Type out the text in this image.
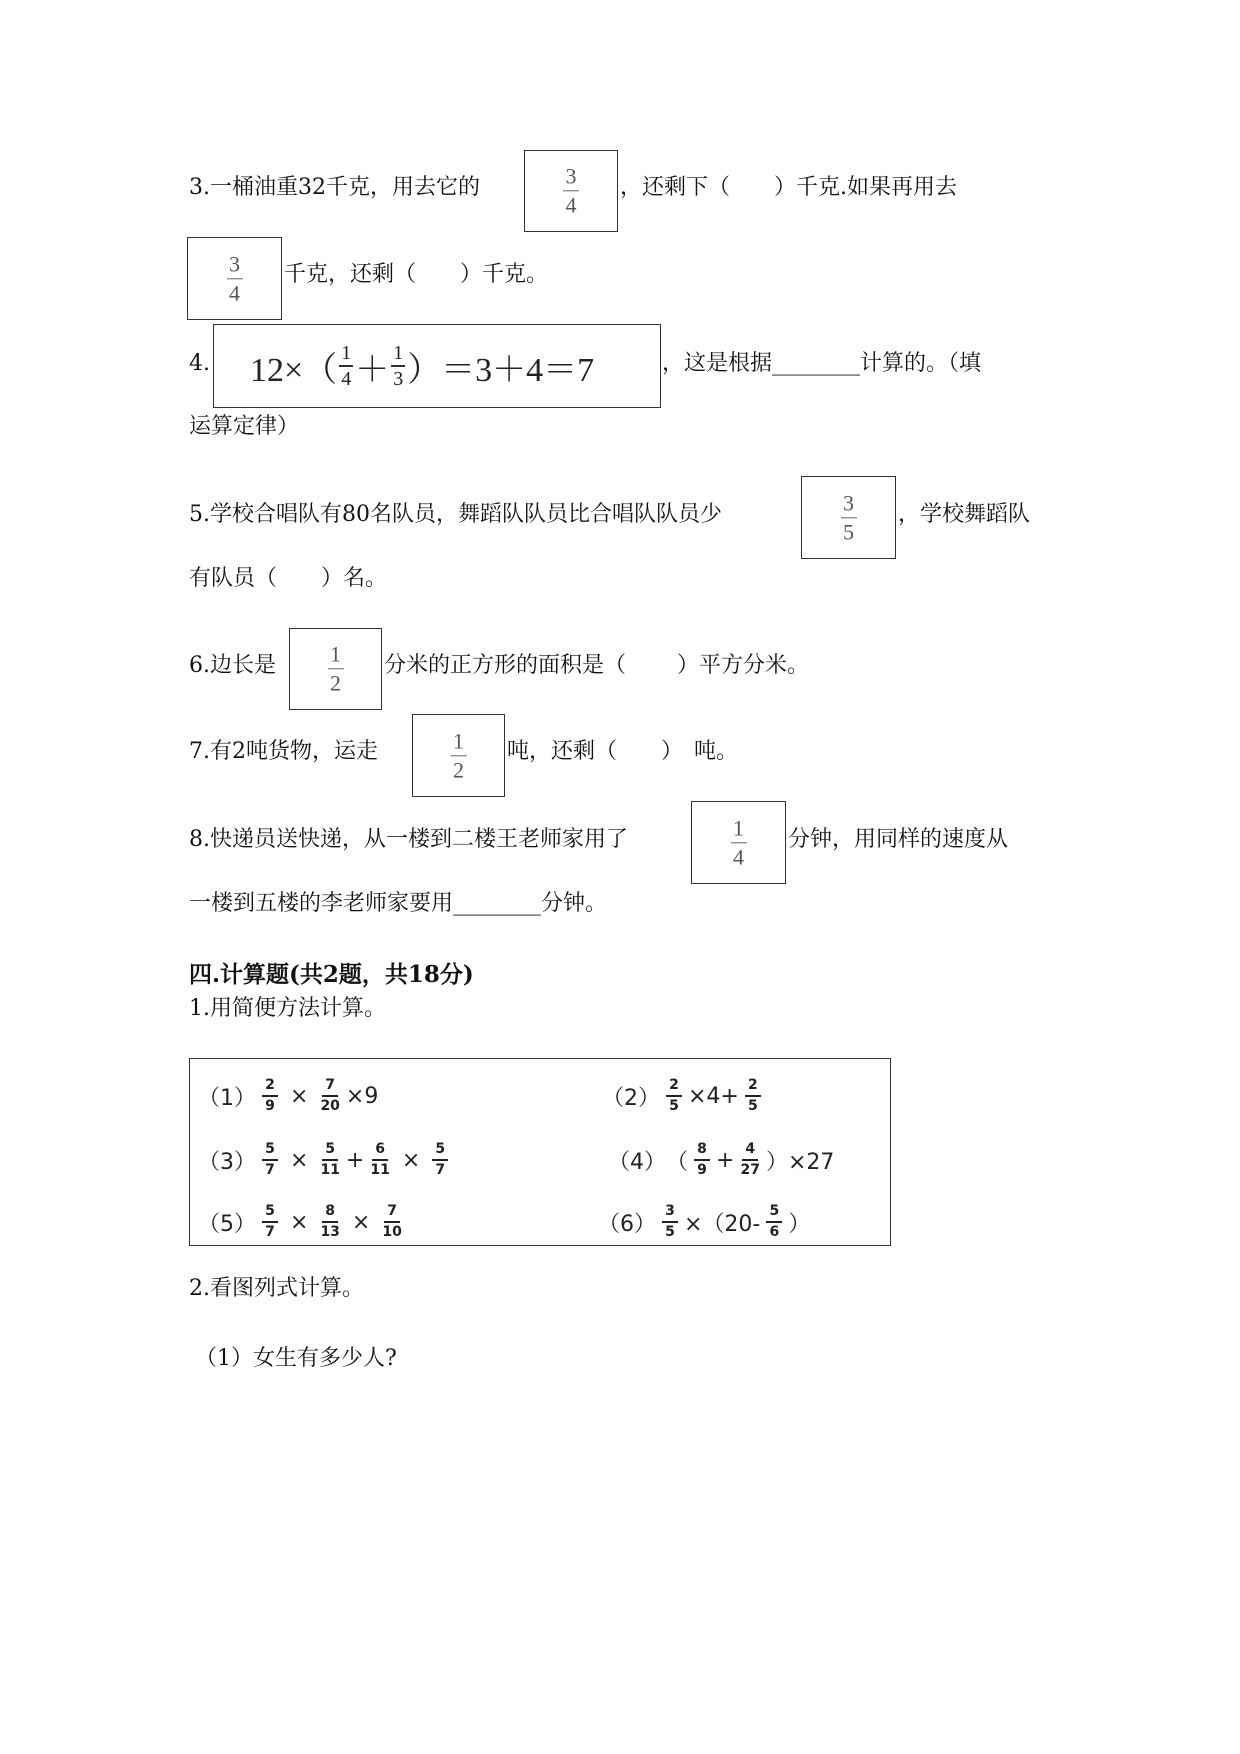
3.一桶油重32千克，用去它的	3
4
，还剩下（　　）千克.如果再用去
3
4
千克，还剩（　　）千克。
4. 12×（ 1
4 ＋ 1
3 ）＝3＋4＝7	，这是根据________计算的。（填
运算定律）
5.学校合唱队有80名队员，舞蹈队队员比合唱队队员少	3
5
，学校舞蹈队
有队员（　　）名。
6.边长是 1
2
分米的正方形的面积是（　　 ）平方分米。
7.有2吨货物，运走	1
2
吨，还剩（　　）　吨。
8.快递员送快递，从一楼到二楼王老师家用了	1
4
分钟，用同样的速度从
一楼到五楼的李老师家要用________分钟。
四.计算题(共2题，共18分)
1.用简便方法计算。
（1）
2
9 × 7
20 ×9	（2）
2
5 ×4+ 2
5
（3）
5
7 × 5
11 + 6
11 × 5
7	（4） （
8
9 + 4
27 ）×27
（5）
5
7 × 8
13 × 7
10	（6）
3
5 ×（20-
5
6 ）
2.看图列式计算。
（1）女生有多少人?
